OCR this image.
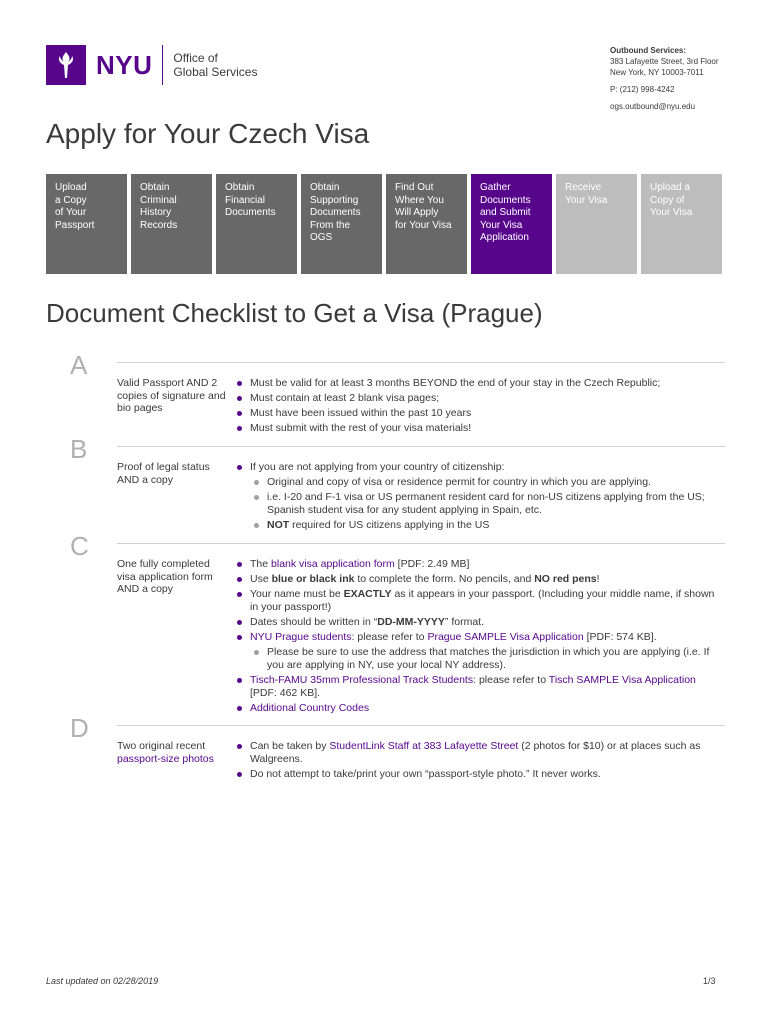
NYU Office of
Global Services
Outbound Services:
383 Lafayette Street, 3rd Floor
New York, NY 10003-7011
P: (212) 998-4242
ogs.outbound@nyu.edu
Apply for Your Czech Visa
Upload
a Copy
of Your
Passport
Obtain
Criminal
History
Records
Obtain
Financial
Documents
Obtain
Supporting
Documents
From the
OGS
Find Out
Where You
Will Apply
for Your Visa
Gather
Documents
and Submit
Your Visa
Application
Receive
Your Visa
Upload a
Copy of
Your Visa
Document Checklist to Get a Visa (Prague)
A
Valid Passport AND 2 copies of signature and bio pages
Must be valid for at least 3 months BEYOND the end of your stay in the Czech Republic;
Must contain at least 2 blank visa pages;
Must have been issued within the past 10 years
Must submit with the rest of your visa materials!
B
Proof of legal status AND a copy
If you are not applying from your country of citizenship:
Original and copy of visa or residence permit for country in which you are applying.
i.e. I-20 and F-1 visa or US permanent resident card for non-US citizens applying from the US; Spanish student visa for any student applying in Spain, etc.
NOT required for US citizens applying in the US
C
One fully completed visa application form AND a copy
The blank visa application form [PDF: 2.49 MB]
Use blue or black ink to complete the form. No pencils, and NO red pens!
Your name must be EXACTLY as it appears in your passport. (Including your middle name, if shown in your passport!)
Dates should be written in “DD-MM-YYYY” format.
NYU Prague students: please refer to Prague SAMPLE Visa Application [PDF: 574 KB].
Please be sure to use the address that matches the jurisdiction in which you are applying (i.e. If you are applying in NY, use your local NY address).
Tisch-FAMU 35mm Professional Track Students: please refer to Tisch SAMPLE Visa Application [PDF: 462 KB].
Additional Country Codes
D
Two original recent passport-size photos
Can be taken by StudentLink Staff at 383 Lafayette Street (2 photos for $10) or at places such as Walgreens.
Do not attempt to take/print your own “passport-style photo.” It never works.
Last updated on 02/28/2019	1/3
